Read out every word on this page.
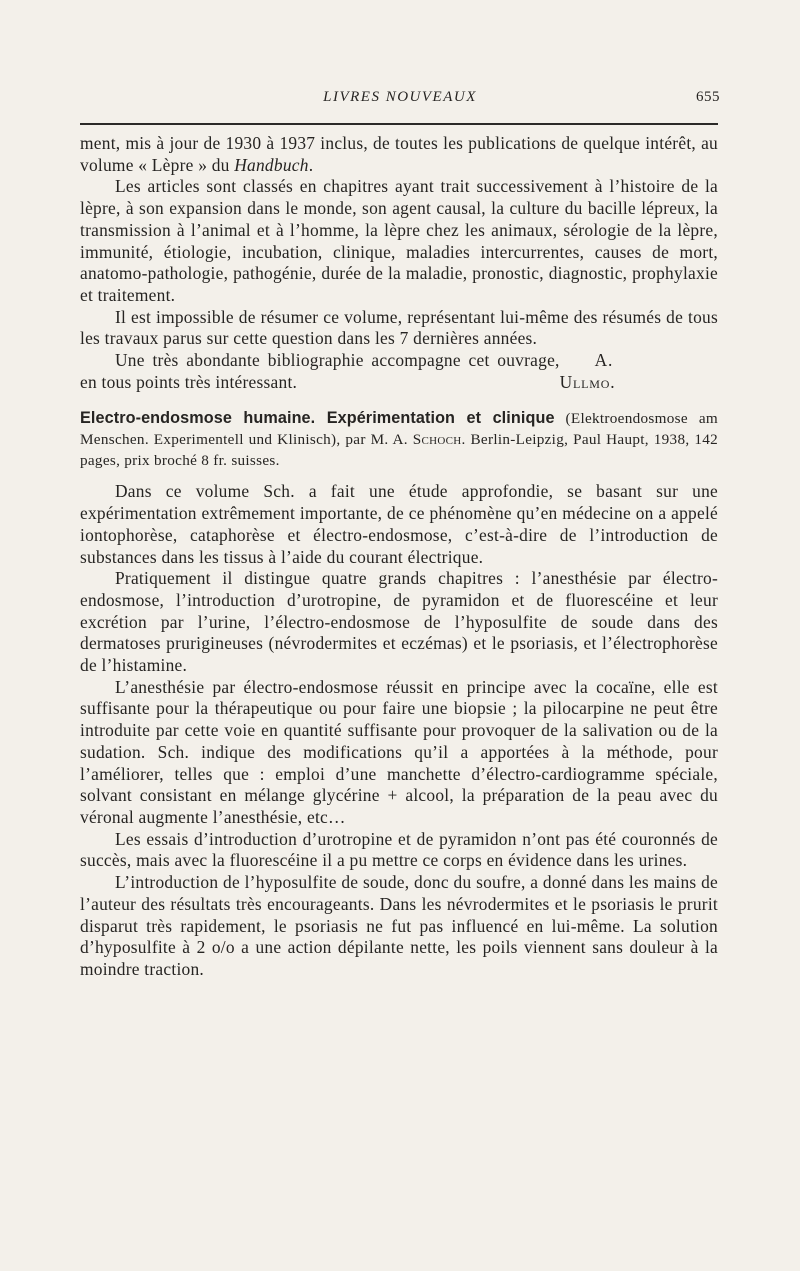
LIVRES NOUVEAUX	655

ment, mis à jour de 1930 à 1937 inclus, de toutes les publications de quelque intérêt, au volume « Lèpre » du Handbuch.

Les articles sont classés en chapitres ayant trait successivement à l’histoire de la lèpre, à son expansion dans le monde, son agent causal, la culture du bacille lépreux, la transmission à l’animal et à l’homme, la lèpre chez les animaux, sérologie de la lèpre, immunité, étiologie, incubation, clinique, maladies intercurrentes, causes de mort, anatomo-pathologie, pathogénie, durée de la maladie, pronostic, diagnostic, prophylaxie et traitement.

Il est impossible de résumer ce volume, représentant lui-même des résumés de tous les travaux parus sur cette question dans les 7 dernières années.

Une très abondante bibliographie accompagne cet ouvrage, en tous points très intéressant.
A. Ullmo.

Electro-endosmose humaine. Expérimentation et clinique (Elektroendosmose am Menschen. Experimentell und Klinisch), par M. A. Schoch. Berlin-Leipzig, Paul Haupt, 1938, 142 pages, prix broché 8 fr. suisses.

Dans ce volume Sch. a fait une étude approfondie, se basant sur une expérimentation extrêmement importante, de ce phénomène qu’en médecine on a appelé iontophorèse, cataphorèse et électro-endosmose, c’est-à-dire de l’introduction de substances dans les tissus à l’aide du courant électrique.

Pratiquement il distingue quatre grands chapitres : l’anesthésie par électro-endosmose, l’introduction d’urotropine, de pyramidon et de fluorescéine et leur excrétion par l’urine, l’électro-endosmose de l’hyposulfite de soude dans des dermatoses prurigineuses (névrodermites et eczémas) et le psoriasis, et l’électrophorèse de l’histamine.

L’anesthésie par électro-endosmose réussit en principe avec la cocaïne, elle est suffisante pour la thérapeutique ou pour faire une biopsie ; la pilocarpine ne peut être introduite par cette voie en quantité suffisante pour provoquer de la salivation ou de la sudation. Sch. indique des modifications qu’il a apportées à la méthode, pour l’améliorer, telles que : emploi d’une manchette d’électro-cardiogramme spéciale, solvant consistant en mélange glycérine + alcool, la préparation de la peau avec du véronal augmente l’anesthésie, etc…

Les essais d’introduction d’urotropine et de pyramidon n’ont pas été couronnés de succès, mais avec la fluorescéine il a pu mettre ce corps en évidence dans les urines.

L’introduction de l’hyposulfite de soude, donc du soufre, a donné dans les mains de l’auteur des résultats très encourageants. Dans les névrodermites et le psoriasis le prurit disparut très rapidement, le psoriasis ne fut pas influencé en lui-même. La solution d’hyposulfite à 2 o/o a une action dépilante nette, les poils viennent sans douleur à la moindre traction.
